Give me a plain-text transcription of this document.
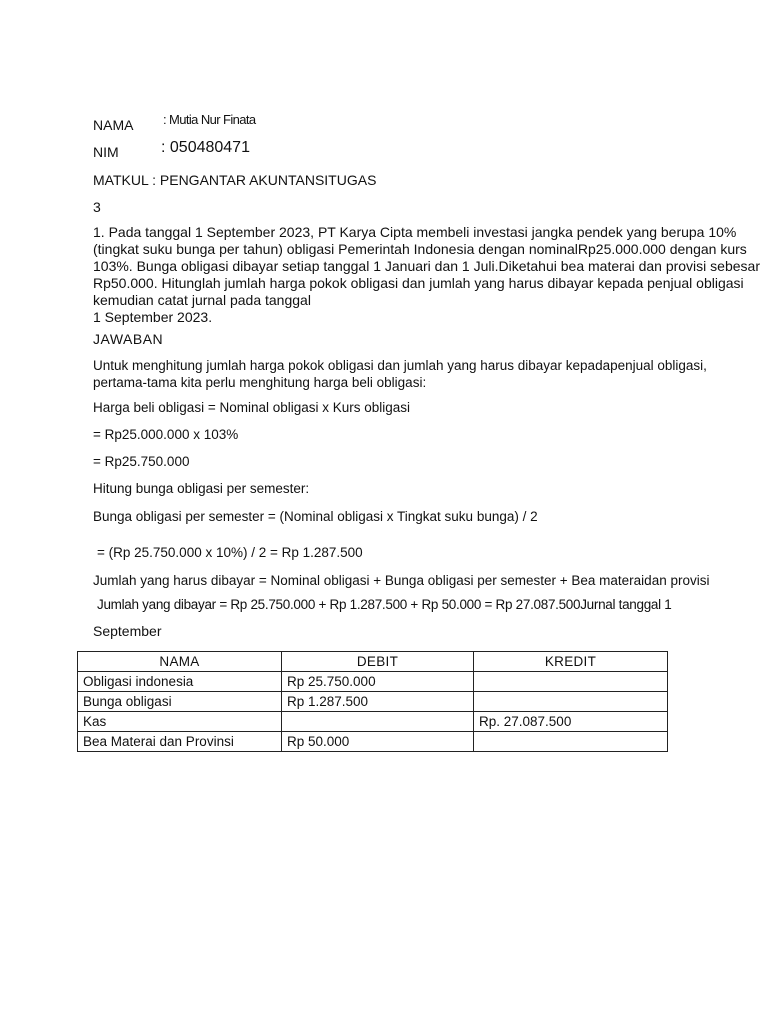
NAMA : Mutia Nur Finata
NIM	: 050480471
MATKUL : PENGANTAR AKUNTANSITUGAS
3
1. Pada tanggal 1 September 2023, PT Karya Cipta membeli investasi jangka pendek yang berupa 10%
(tingkat suku bunga per tahun) obligasi Pemerintah Indonesia dengan nominalRp25.000.000 dengan kurs
103%. Bunga obligasi dibayar setiap tanggal 1 Januari dan 1 Juli.Diketahui bea materai dan provisi sebesar
Rp50.000. Hitunglah jumlah harga pokok obligasi dan jumlah yang harus dibayar kepada penjual obligasi
kemudian catat jurnal pada tanggal
1 September 2023.
JAWABAN
Untuk menghitung jumlah harga pokok obligasi dan jumlah yang harus dibayar kepadapenjual obligasi,
pertama-tama kita perlu menghitung harga beli obligasi:
Harga beli obligasi = Nominal obligasi x Kurs obligasi
= Rp25.000.000 x 103%
= Rp25.750.000
Hitung bunga obligasi per semester:
Bunga obligasi per semester = (Nominal obligasi x Tingkat suku bunga) / 2
= (Rp 25.750.000 x 10%) / 2 = Rp 1.287.500
Jumlah yang harus dibayar = Nominal obligasi + Bunga obligasi per semester + Bea materaidan provisi
Jumlah yang dibayar = Rp 25.750.000 + Rp 1.287.500 + Rp 50.000 = Rp 27.087.500Jurnal tanggal 1
September
NAMA	DEBIT	KREDIT
Obligasi indonesia	Rp 25.750.000	
Bunga obligasi	Rp 1.287.500	
Kas		Rp. 27.087.500
Bea Materai dan Provinsi	Rp 50.000	
